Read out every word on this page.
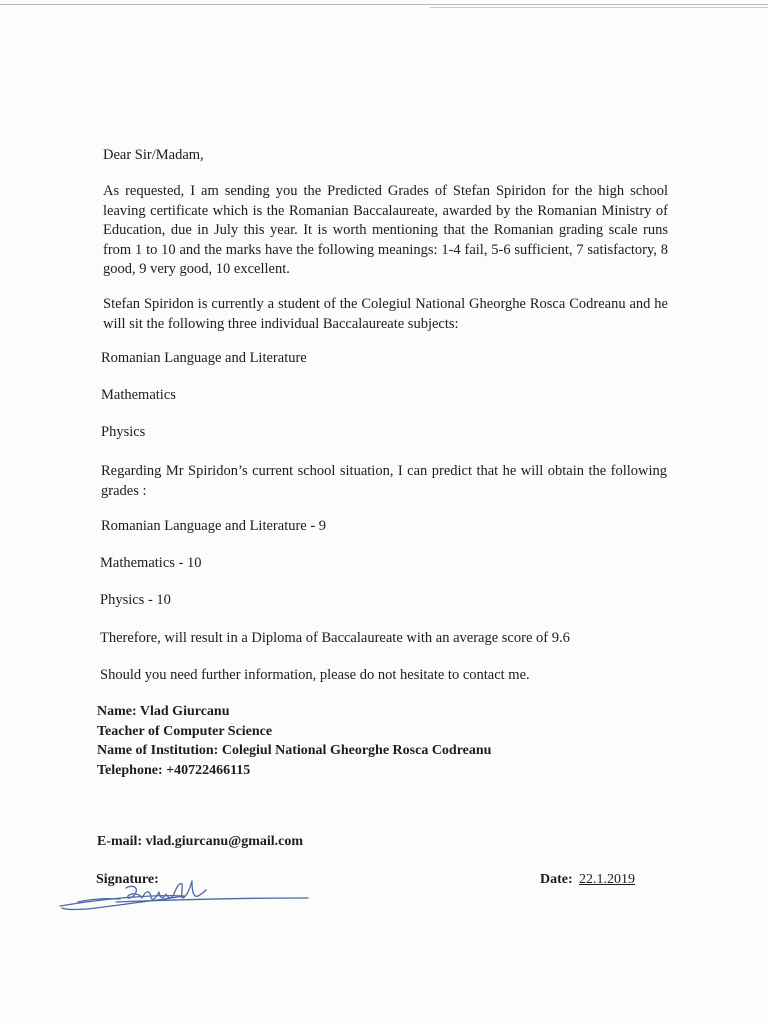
Dear Sir/Madam,

As requested, I am sending you the Predicted Grades of Stefan Spiridon for the high school leaving certificate which is the Romanian Baccalaureate, awarded by the Romanian Ministry of Education, due in July this year. It is worth mentioning that the Romanian grading scale runs from 1 to 10 and the marks have the following meanings: 1-4 fail, 5-6 sufficient, 7 satisfactory, 8 good, 9 very good, 10 excellent.

Stefan Spiridon is currently a student of the Colegiul National Gheorghe Rosca Codreanu and he will sit the following three individual Baccalaureate subjects:

Romanian Language and Literature

Mathematics

Physics

Regarding Mr Spiridon’s current school situation, I can predict that he will obtain the following grades :

Romanian Language and Literature - 9

Mathematics - 10

Physics - 10

Therefore, will result in a Diploma of Baccalaureate with an average score of 9.6

Should you need further information, please do not hesitate to contact me.

Name: Vlad Giurcanu

Teacher of Computer Science

Name of Institution: Colegiul National Gheorghe Rosca Codreanu

Telephone: +40722466115

E-mail: vlad.giurcanu@gmail.com

Signature:	Date: 22.1.2019
